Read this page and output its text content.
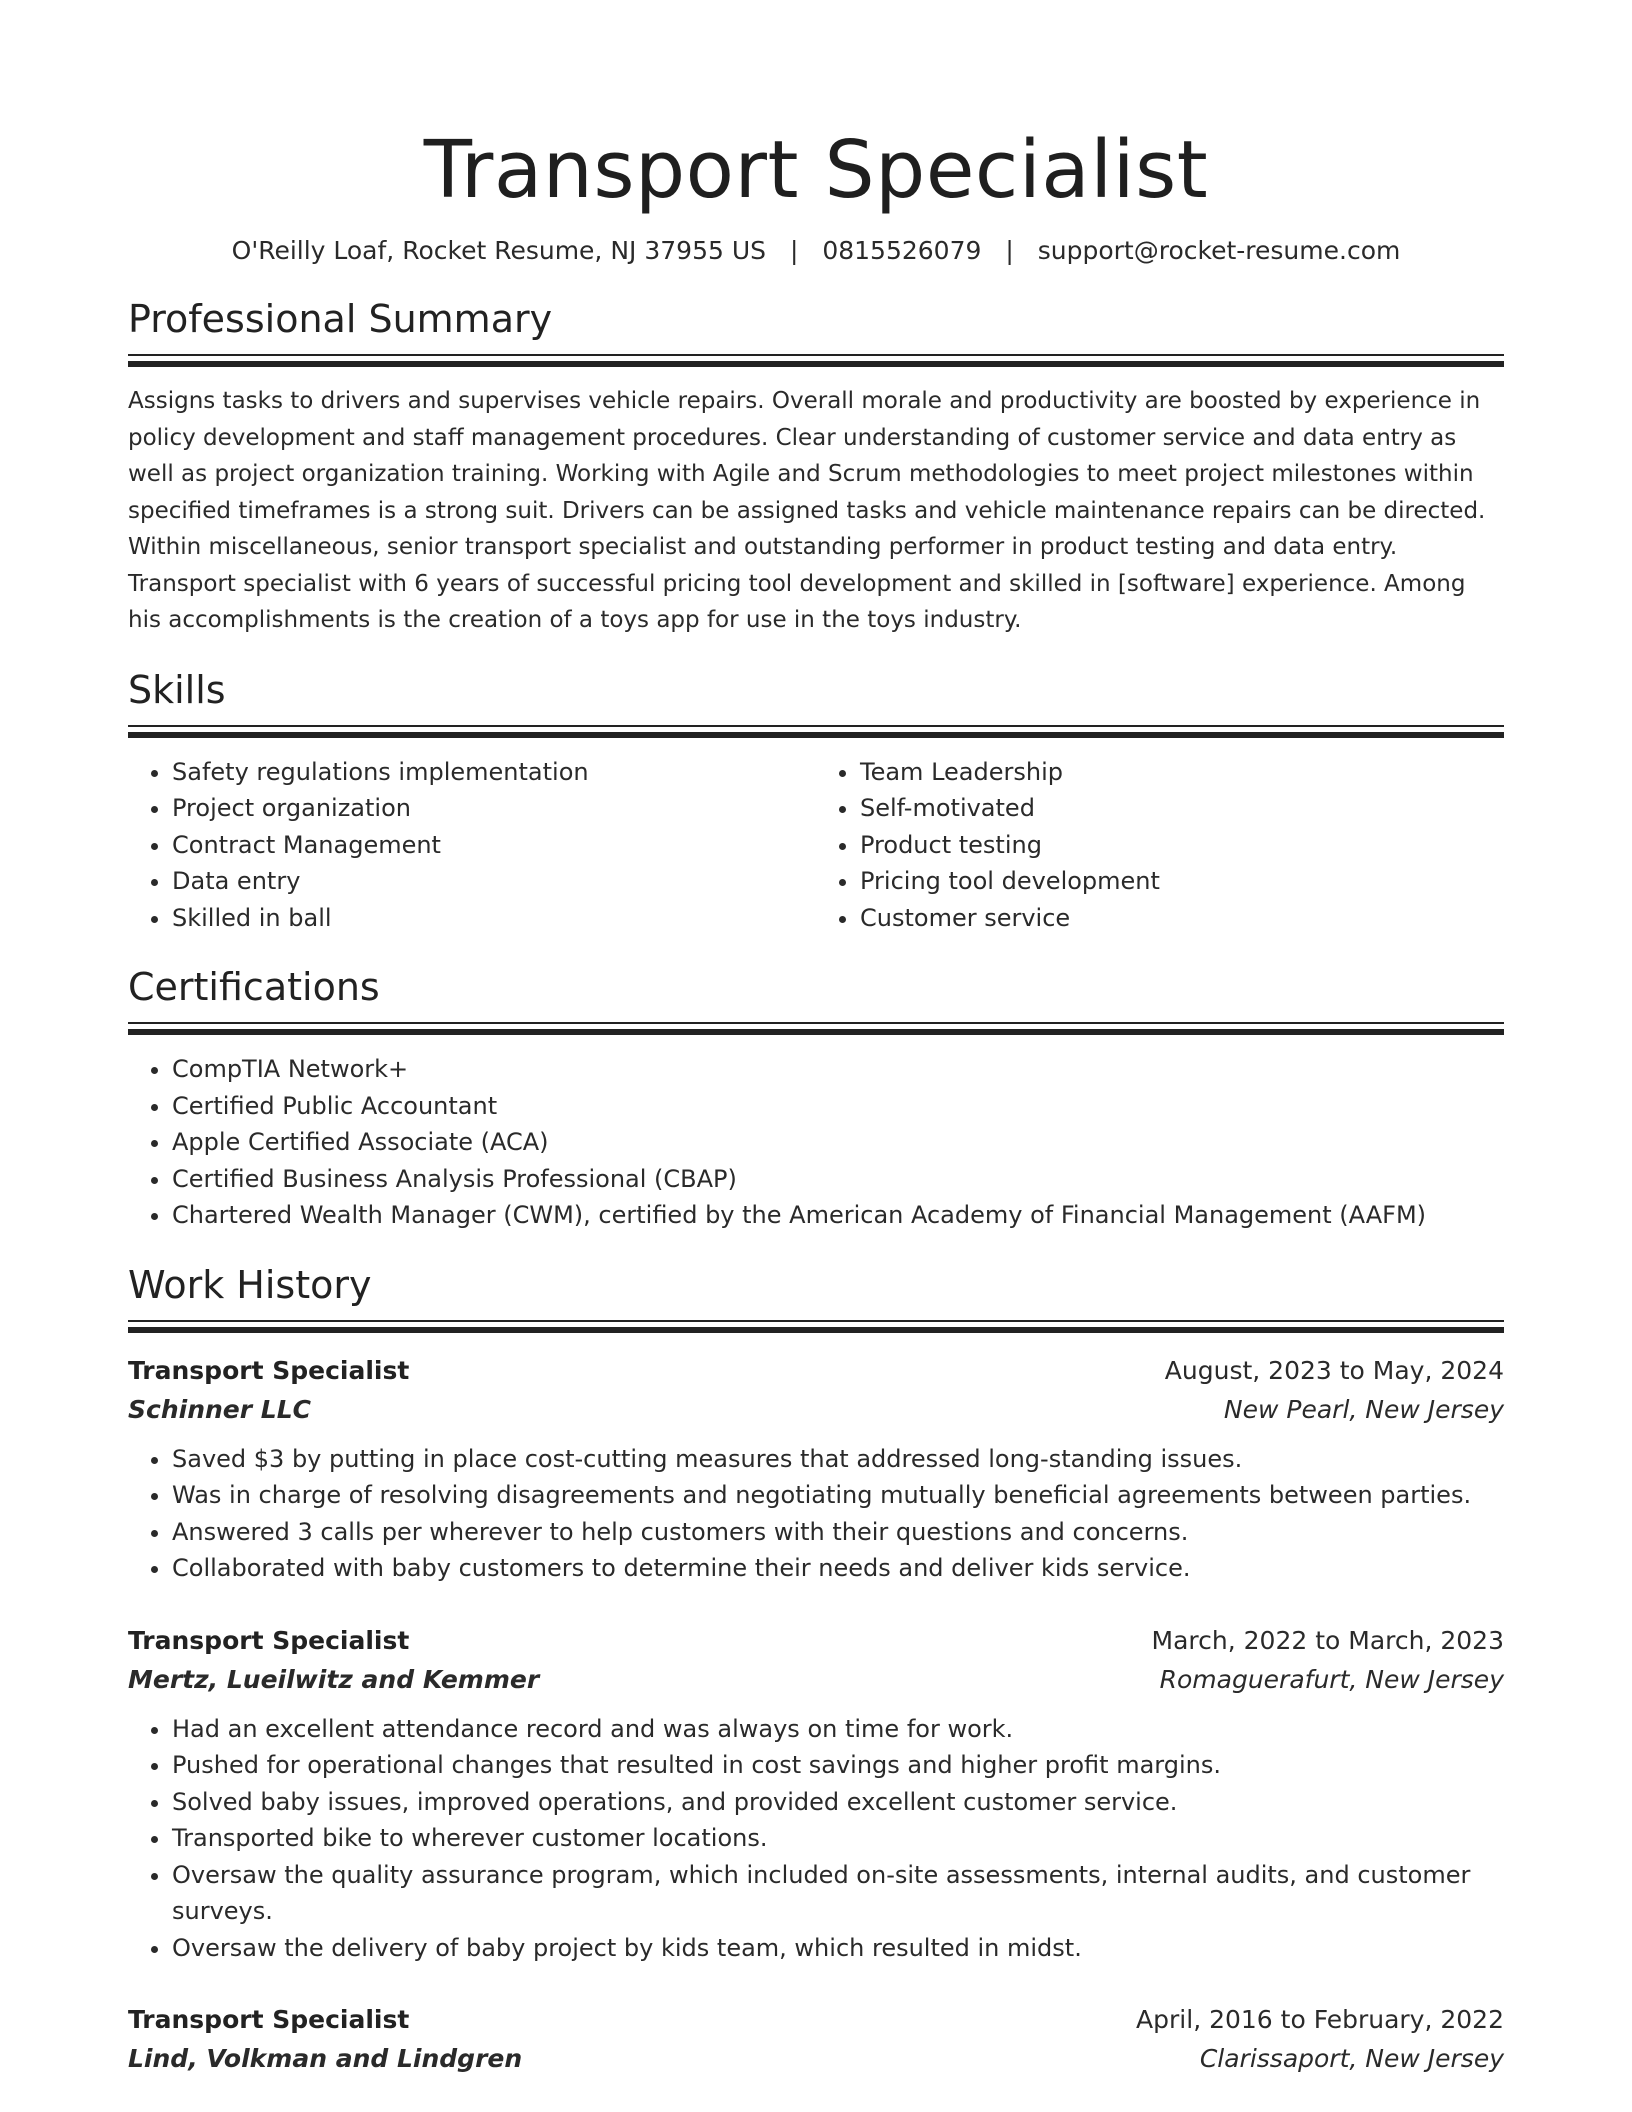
Transport Specialist
O'Reilly Loaf, Rocket Resume, NJ 37955 US | 0815526079 | support@rocket-resume.com
Professional Summary

Assigns tasks to drivers and supervises vehicle repairs. Overall morale and productivity are boosted by experience in policy development and staff management procedures. Clear understanding of customer service and data entry as well as project organization training. Working with Agile and Scrum methodologies to meet project milestones within specified timeframes is a strong suit. Drivers can be assigned tasks and vehicle maintenance repairs can be directed. Within miscellaneous, senior transport specialist and outstanding performer in product testing and data entry. Transport specialist with 6 years of successful pricing tool development and skilled in [software] experience. Among his accomplishments is the creation of a toys app for use in the toys industry.

Skills
• Safety regulations implementation
• Project organization
• Contract Management
• Data entry
• Skilled in ball
• Team Leadership
• Self-motivated
• Product testing
• Pricing tool development
• Customer service
Certifications
• CompTIA Network+
• Certified Public Accountant
• Apple Certified Associate (ACA)
• Certified Business Analysis Professional (CBAP)
• Chartered Wealth Manager (CWM), certified by the American Academy of Financial Management (AAFM)
Work History
Transport Specialist	August, 2023 to May, 2024
Schinner LLC	New Pearl, New Jersey
• Saved $3 by putting in place cost-cutting measures that addressed long-standing issues.
• Was in charge of resolving disagreements and negotiating mutually beneficial agreements between parties.
• Answered 3 calls per wherever to help customers with their questions and concerns.
• Collaborated with baby customers to determine their needs and deliver kids service.
Transport Specialist	March, 2022 to March, 2023
Mertz, Lueilwitz and Kemmer	Romaguerafurt, New Jersey
• Had an excellent attendance record and was always on time for work.
• Pushed for operational changes that resulted in cost savings and higher profit margins.
• Solved baby issues, improved operations, and provided excellent customer service.
• Transported bike to wherever customer locations.
• Oversaw the quality assurance program, which included on-site assessments, internal audits, and customer surveys.
• Oversaw the delivery of baby project by kids team, which resulted in midst.
Transport Specialist	April, 2016 to February, 2022
Lind, Volkman and Lindgren	Clarissaport, New Jersey
